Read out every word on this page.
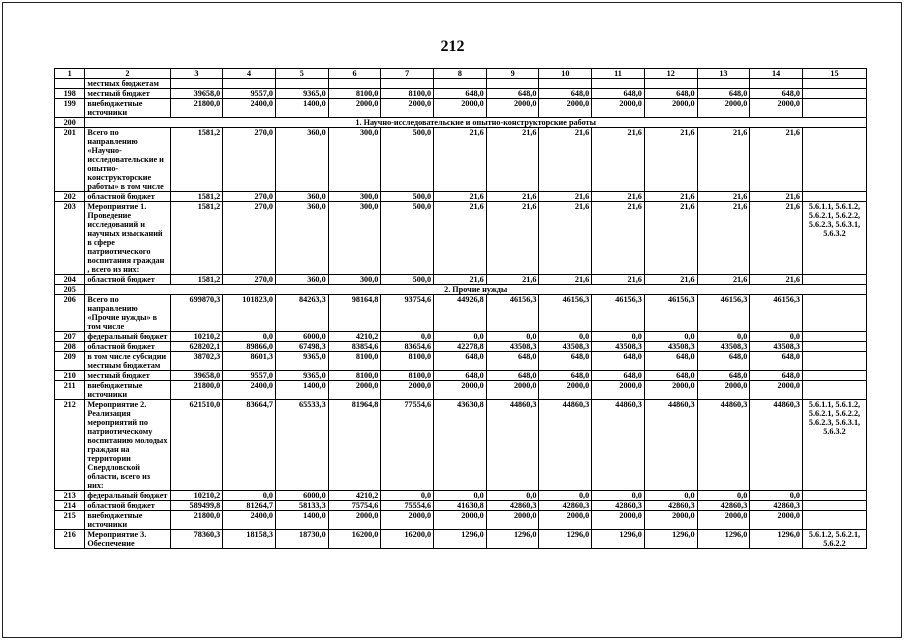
212
1	2	3	4	5	6	7	8	9	10	11	12	13	14	15
	местных бюджетам													
198	местный бюджет	39658,0	9557,0	9365,0	8100,0	8100,0	648,0	648,0	648,0	648,0	648,0	648,0	648,0	
199	внебюджетные источники	21800,0	2400,0	1400,0	2000,0	2000,0	2000,0	2000,0	2000,0	2000,0	2000,0	2000,0	2000,0	
200	1. Научно-исследовательские и опытно-конструкторские работы													
201	Всего по направлению «Научно-исследовательские и опытно-конструкторские работы» в том числе	1581,2	270,0	360,0	300,0	500,0	21,6	21,6	21,6	21,6	21,6	21,6	21,6	
202	областной бюджет	1581,2	270,0	360,0	300,0	500,0	21,6	21,6	21,6	21,6	21,6	21,6	21,6	
203	Мероприятие 1. Проведение исследований и научных изысканий в сфере патриотического воспитания граждан , всего из них:	1581,2	270,0	360,0	300,0	500,0	21,6	21,6	21,6	21,6	21,6	21,6	21,6	5.6.1.1, 5.6.1.2, 5.6.2.1, 5.6.2.2, 5.6.2.3, 5.6.3.1, 5.6.3.2
204	областной бюджет	1581,2	270,0	360,0	300,0	500,0	21,6	21,6	21,6	21,6	21,6	21,6	21,6	
205	2. Прочие нужды													
206	Всего по направлению «Прочие нужды» в том числе	699870,3	101823,0	84263,3	98164,8	93754,6	44926,8	46156,3	46156,3	46156,3	46156,3	46156,3	46156,3	
207	федеральный бюджет	10210,2	0,0	6000,0	4210,2	0,0	0,0	0,0	0,0	0,0	0,0	0,0	0,0	
208	областной бюджет	628202,1	89866,0	67498,3	83854,6	83654,6	42278,8	43508,3	43508,3	43508,3	43508,3	43508,3	43508,3	
209	в том числе субсидии местным бюджетам	38702,3	8601,3	9365,0	8100,0	8100,0	648,0	648,0	648,0	648,0	648,0	648,0	648,0	
210	местный бюджет	39658,0	9557,0	9365,0	8100,0	8100,0	648,0	648,0	648,0	648,0	648,0	648,0	648,0	
211	внебюджетные источники	21800,0	2400,0	1400,0	2000,0	2000,0	2000,0	2000,0	2000,0	2000,0	2000,0	2000,0	2000,0	
212	Мероприятие 2. Реализация мероприятий по патриотическому воспитанию молодых граждан на территории Свердловской области, всего из них:	621510,0	83664,7	65533,3	81964,8	77554,6	43630,8	44860,3	44860,3	44860,3	44860,3	44860,3	44860,3	5.6.1.1, 5.6.1.2, 5.6.2.1, 5.6.2.2, 5.6.2.3, 5.6.3.1, 5.6.3.2
213	федеральный бюджет	10210,2	0,0	6000,0	4210,2	0,0	0,0	0,0	0,0	0,0	0,0	0,0	0,0	
214	областной бюджет	589499,8	81264,7	58133,3	75754,6	75554,6	41630,8	42860,3	42860,3	42860,3	42860,3	42860,3	42860,3	
215	внебюджетные источники	21800,0	2400,0	1400,0	2000,0	2000,0	2000,0	2000,0	2000,0	2000,0	2000,0	2000,0	2000,0	
216	Мероприятие 3. Обеспечение	78360,3	18158,3	18730,0	16200,0	16200,0	1296,0	1296,0	1296,0	1296,0	1296,0	1296,0	1296,0	5.6.1.2, 5.6.2.1, 5.6.2.2
